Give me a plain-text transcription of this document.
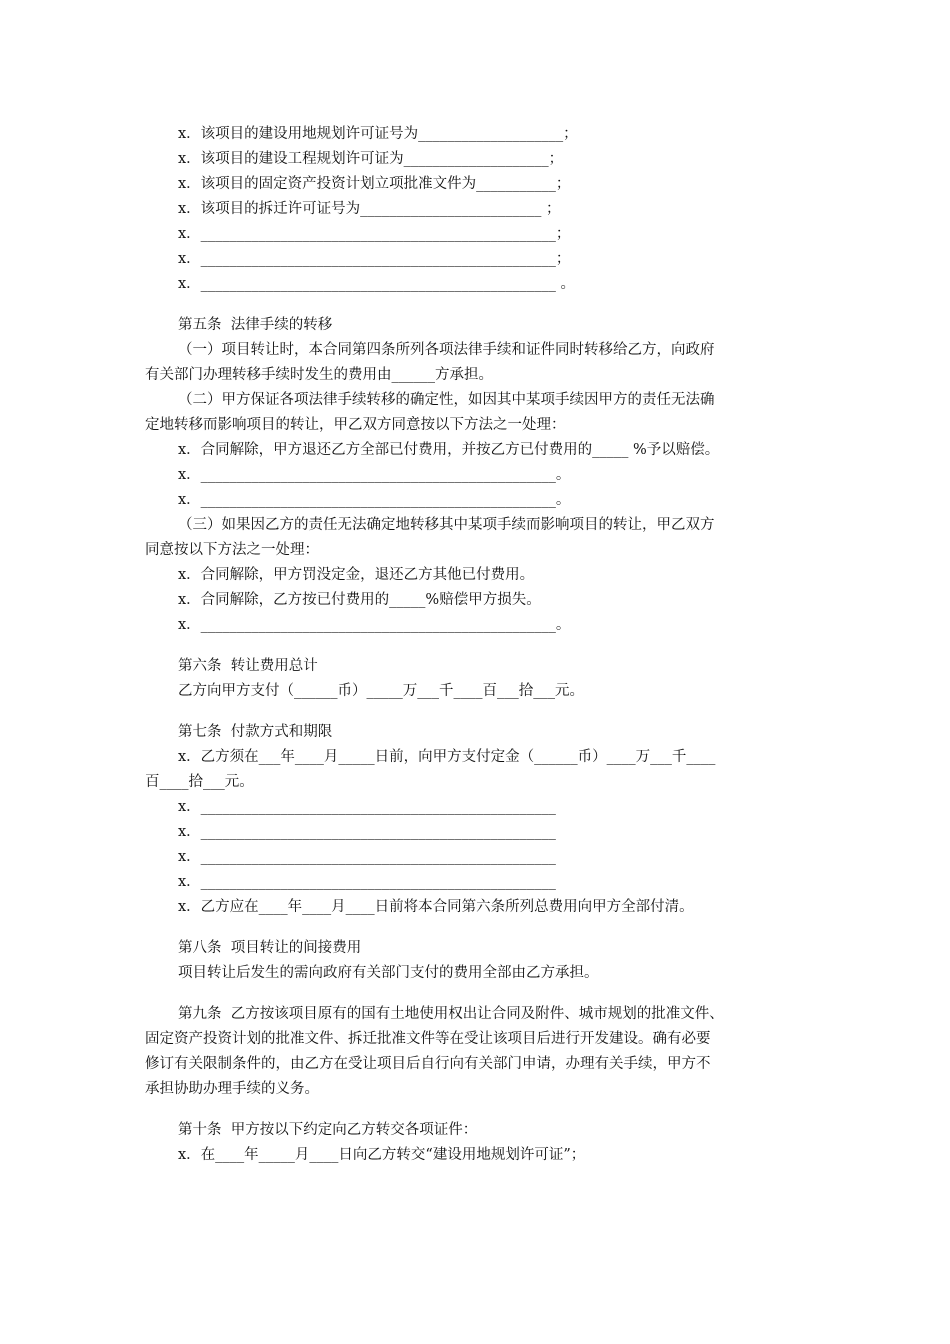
x．该项目的建设用地规划许可证号为____________________；
x．该项目的建设工程规划许可证为____________________；
x．该项目的固定资产投资计划立项批准文件为___________；
x．该项目的拆迁许可证号为_________________________ ；
x．_________________________________________________；
x．_________________________________________________；
x．_________________________________________________ 。
第五条  法律手续的转移
（一）项目转让时，本合同第四条所列各项法律手续和证件同时转移给乙方，向政府
有关部门办理转移手续时发生的费用由______方承担。
（二）甲方保证各项法律手续转移的确定性，如因其中某项手续因甲方的责任无法确
定地转移而影响项目的转让，甲乙双方同意按以下方法之一处理：
x．合同解除，甲方退还乙方全部已付费用，并按乙方已付费用的_____ %予以赔偿。
x．_________________________________________________。
x．_________________________________________________。
（三）如果因乙方的责任无法确定地转移其中某项手续而影响项目的转让，甲乙双方
同意按以下方法之一处理：
x．合同解除，甲方罚没定金，退还乙方其他已付费用。
x．合同解除，乙方按已付费用的_____%赔偿甲方损失。
x．_________________________________________________。
第六条  转让费用总计
乙方向甲方支付（______币）_____万___千____百___拾___元。
第七条  付款方式和期限
x．乙方须在___年____月_____日前，向甲方支付定金（______币）____万___千____
百____拾___元。
x．_________________________________________________
x．_________________________________________________
x．_________________________________________________
x．_________________________________________________
x．乙方应在____年____月____日前将本合同第六条所列总费用向甲方全部付清。
第八条  项目转让的间接费用
项目转让后发生的需向政府有关部门支付的费用全部由乙方承担。
第九条  乙方按该项目原有的国有土地使用权出让合同及附件、城市规划的批准文件、
固定资产投资计划的批准文件、拆迁批准文件等在受让该项目后进行开发建设。确有必要
修订有关限制条件的，由乙方在受让项目后自行向有关部门申请，办理有关手续，甲方不
承担协助办理手续的义务。
第十条  甲方按以下约定向乙方转交各项证件：
x．在____年_____月____日向乙方转交“建设用地规划许可证”；
